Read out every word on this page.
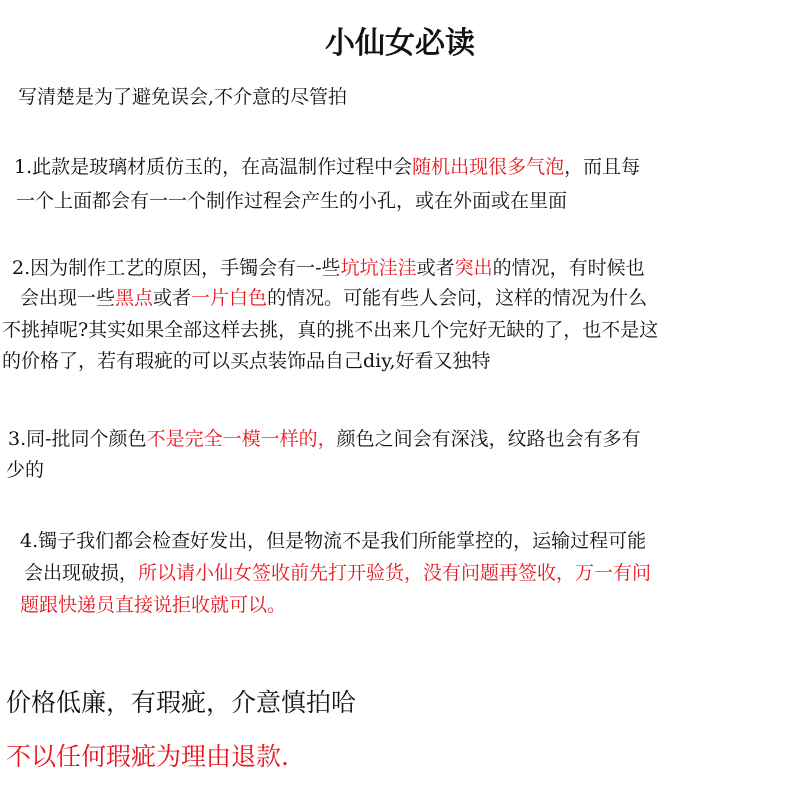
小仙女必读

写清楚是为了避免误会,不介意的尽管拍

1.此款是玻璃材质仿玉的，在高温制作过程中会随机出现很多气泡，而且每

一个上面都会有一一个制作过程会产生的小孔，或在外面或在里面

2.因为制作工艺的原因，手镯会有一-些坑坑洼洼或者突出的情况，有时候也

会出现一些黑点或者一片白色的情况。可能有些人会问，这样的情况为什么

不挑掉呢?其实如果全部这样去挑，真的挑不出来几个完好无缺的了，也不是这

的价格了，若有瑕疵的可以买点装饰品自己diy,好看又独特

3.同-批同个颜色不是完全一模一样的，颜色之间会有深浅，纹路也会有多有

少的

4.镯子我们都会检查好发出，但是物流不是我们所能掌控的，运输过程可能

会出现破损，所以请小仙女签收前先打开验货，没有问题再签收，万一有问

题跟快递员直接说拒收就可以。

价格低廉，有瑕疵，介意慎拍哈

不以任何瑕疵为理由退款.
